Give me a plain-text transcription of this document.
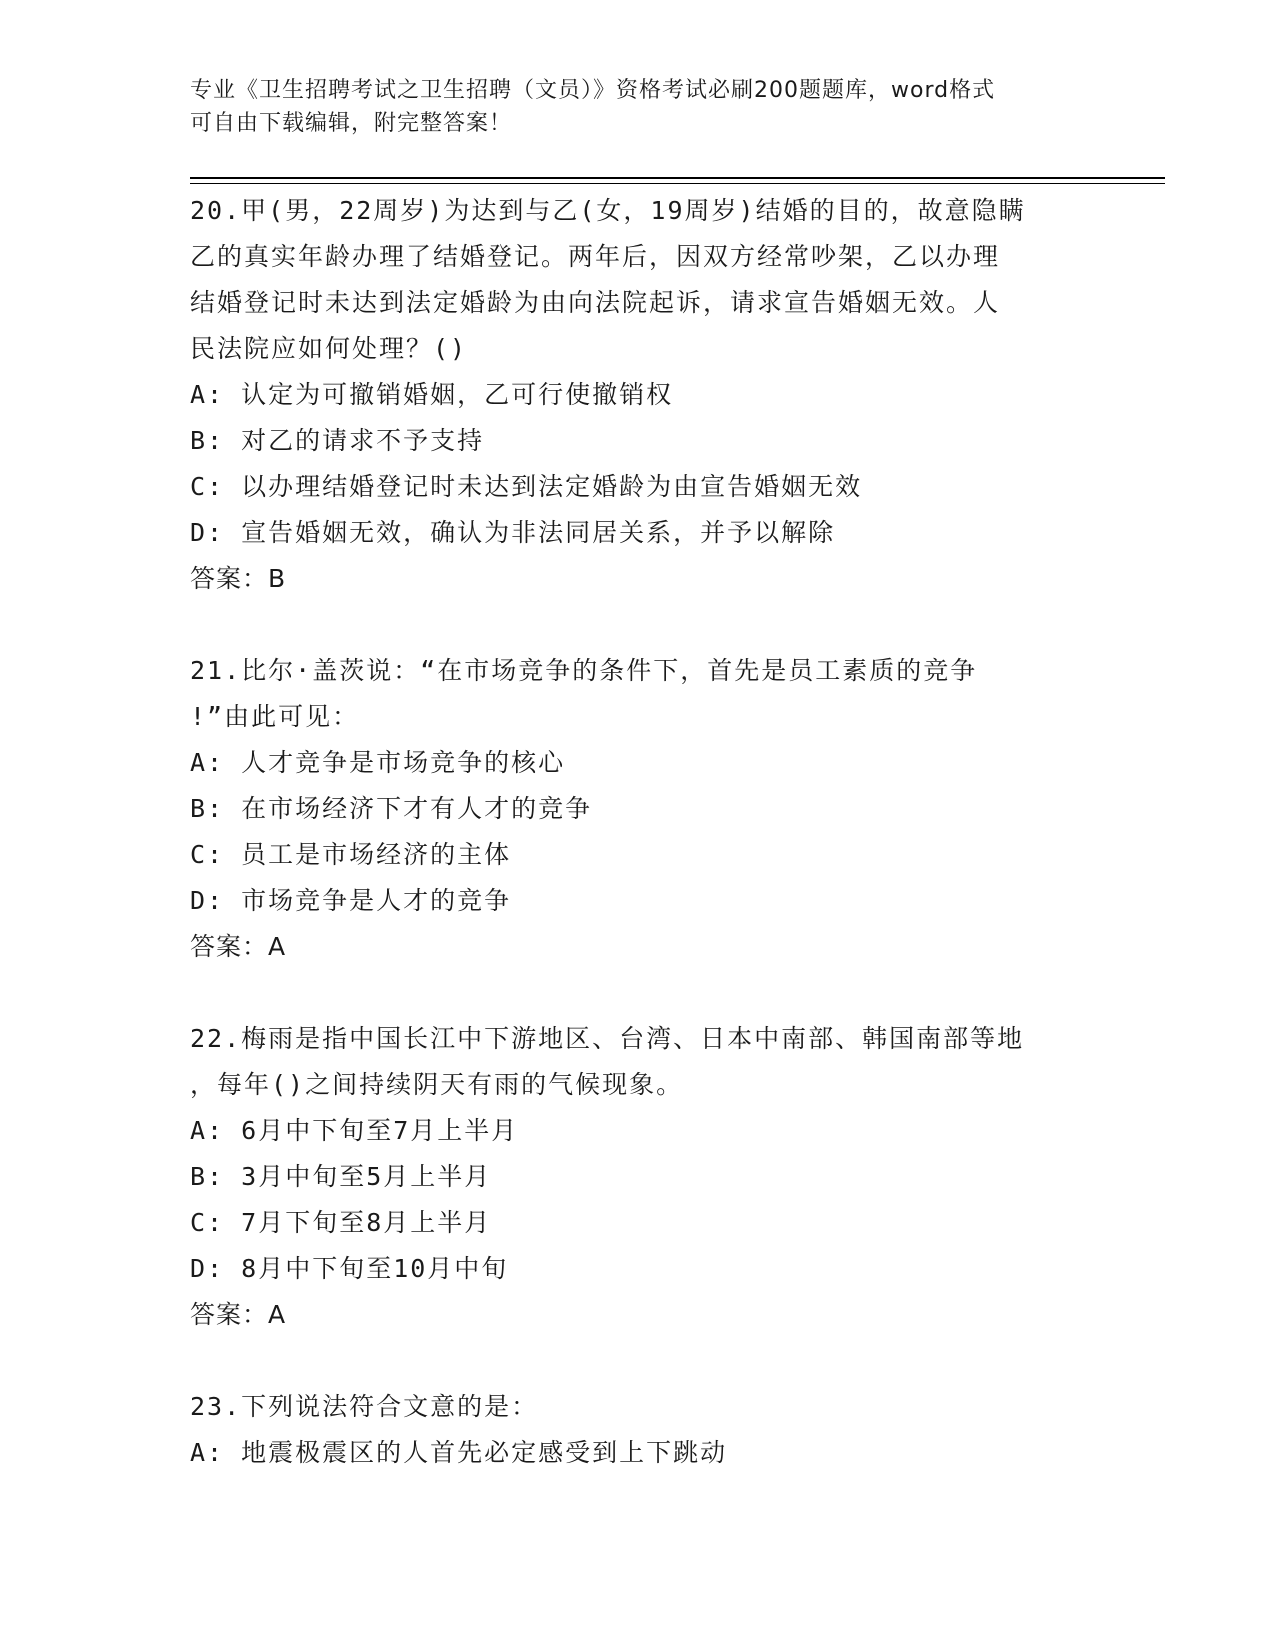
专业《卫生招聘考试之卫生招聘（文员）》资格考试必刷200题题库，word格式
可自由下载编辑，附完整答案！
20.甲(男，22周岁)为达到与乙(女，19周岁)结婚的目的，故意隐瞒
乙的真实年龄办理了结婚登记。两年后，因双方经常吵架，乙以办理
结婚登记时未达到法定婚龄为由向法院起诉，请求宣告婚姻无效。人
民法院应如何处理？()
A: 认定为可撤销婚姻，乙可行使撤销权
B: 对乙的请求不予支持
C: 以办理结婚登记时未达到法定婚龄为由宣告婚姻无效
D: 宣告婚姻无效，确认为非法同居关系，并予以解除
答案：B
21.比尔·盖茨说：“在市场竞争的条件下，首先是员工素质的竞争
!”由此可见：
A: 人才竞争是市场竞争的核心
B: 在市场经济下才有人才的竞争
C: 员工是市场经济的主体
D: 市场竞争是人才的竞争
答案：A
22.梅雨是指中国长江中下游地区、台湾、日本中南部、韩国南部等地
，每年()之间持续阴天有雨的气候现象。
A: 6月中下旬至7月上半月
B: 3月中旬至5月上半月
C: 7月下旬至8月上半月
D: 8月中下旬至10月中旬
答案：A
23.下列说法符合文意的是：
A: 地震极震区的人首先必定感受到上下跳动
